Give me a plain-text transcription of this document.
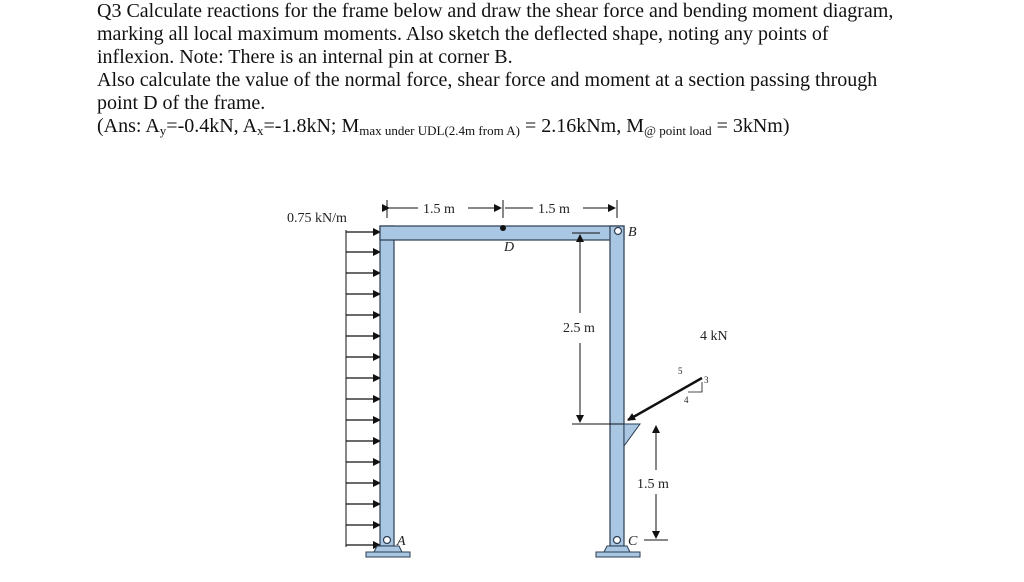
Q3 Calculate reactions for the frame below and draw the shear force and bending moment diagram,

marking all local maximum moments. Also sketch the deflected shape, noting any points of

inflexion. Note: There is an internal pin at corner B.

Also calculate the value of the normal force, shear force and moment at a section passing through

point D of the frame.

(Ans: $A_y=-0.4kN$, $A_x=-1.8kN$; $M_{max under UDL(2.4m from A)} = 2.16kNm$, $M_{@ point load} = 3kNm$)

0.75 kN/m
1.5 m	1.5 m
D
B
2.5 m
4 kN
5
3
4
1.5 m
A	C
